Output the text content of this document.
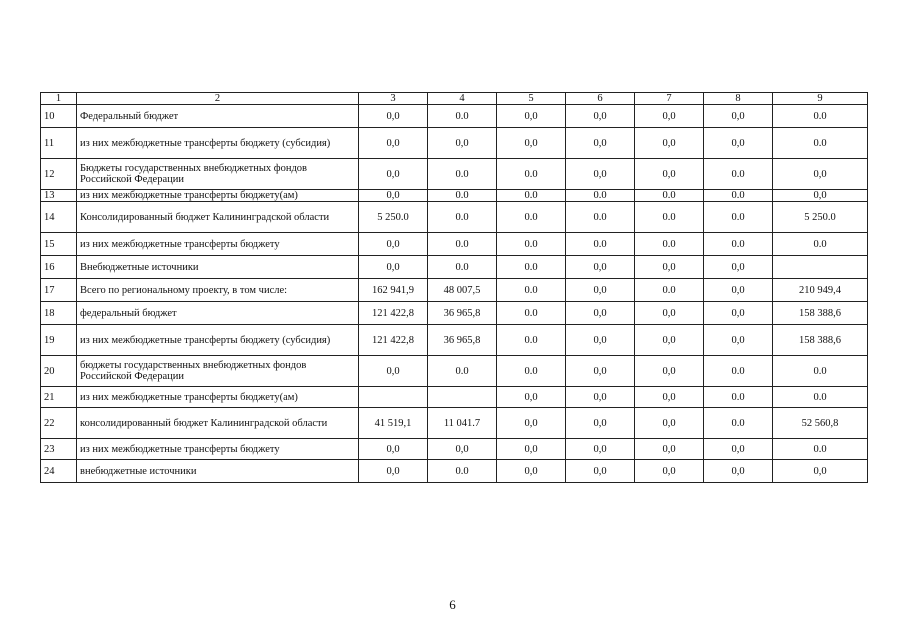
1	2	3	4	5	6	7	8	9
10	Федеральный бюджет	0,0	0.0	0,0	0,0	0,0	0,0	0.0
11	из них межбюджетные трансферты бюджету (субсидия)	0,0	0,0	0,0	0,0	0,0	0,0	0.0
12	Бюджеты государственных внебюджетных фондов Российской Федерации	0,0	0.0	0.0	0,0	0,0	0.0	0,0
13	из них межбюджетные трансферты бюджету(ам)	0,0	0.0	0.0	0.0	0.0	0.0	0,0
14	Консолидированный бюджет Калининградской области	5 250.0	0.0	0.0	0.0	0.0	0.0	5 250.0
15	из них межбюджетные трансферты бюджету	0,0	0.0	0.0	0.0	0.0	0.0	0.0
16	Внебюджетные источники	0,0	0.0	0.0	0,0	0,0	0,0	
17	Всего по региональному проекту, в том числе:	162 941,9	48 007,5	0.0	0,0	0.0	0,0	210 949,4
18	федеральный бюджет	121 422,8	36 965,8	0.0	0,0	0,0	0,0	158 388,6
19	из них межбюджетные трансферты бюджету (субсидия)	121 422,8	36 965,8	0.0	0,0	0,0	0,0	158 388,6
20	бюджеты государственных внебюджетных фондов Российской Федерации	0,0	0.0	0.0	0,0	0,0	0.0	0.0
21	из них межбюджетные трансферты бюджету(ам)			0,0	0,0	0,0	0.0	0.0
22	консолидированный бюджет Калининградской области	41 519,1	11 041.7	0,0	0,0	0,0	0.0	52 560,8
23	из них межбюджетные трансферты бюджету	0,0	0,0	0,0	0,0	0,0	0,0	0.0
24	внебюджетные источники	0,0	0.0	0,0	0,0	0,0	0,0	0,0
6
